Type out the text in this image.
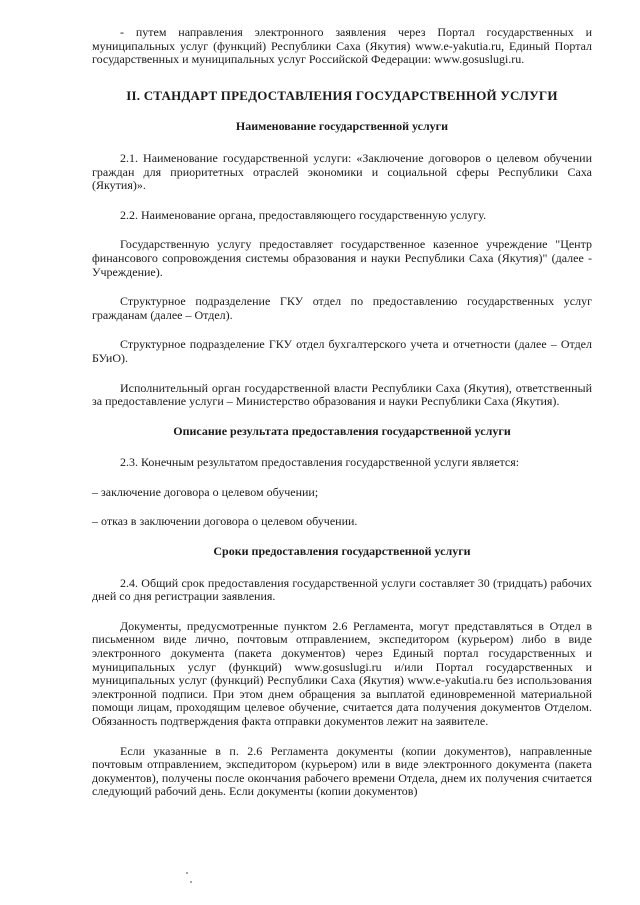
- путем направления электронного заявления через Портал государственных и муниципальных услуг (функций) Республики Саха (Якутия) www.e-yakutia.ru, Единый Портал государственных и муниципальных услуг Российской Федерации: www.gosuslugi.ru.

II. СТАНДАРТ ПРЕДОСТАВЛЕНИЯ ГОСУДАРСТВЕННОЙ УСЛУГИ
Наименование государственной услуги

2.1. Наименование государственной услуги: «Заключение договоров о целевом обучении граждан для приоритетных отраслей экономики и социальной сферы Республики Саха (Якутия)».

2.2. Наименование органа, предоставляющего государственную услугу.

Государственную услугу предоставляет государственное казенное учреждение "Центр финансового сопровождения системы образования и науки Республики Саха (Якутия)" (далее - Учреждение).

Структурное подразделение ГКУ отдел по предоставлению государственных услуг гражданам (далее – Отдел).

Структурное подразделение ГКУ отдел бухгалтерского учета и отчетности (далее – Отдел БУиО).

Исполнительный орган государственной власти Республики Саха (Якутия), ответственный за предоставление услуги – Министерство образования и науки Республики Саха (Якутия).

Описание результата предоставления государственной услуги

2.3. Конечным результатом предоставления государственной услуги является:

– заключение договора о целевом обучении;

– отказ в заключении договора о целевом обучении.

Сроки предоставления государственной услуги

2.4. Общий срок предоставления государственной услуги составляет 30 (тридцать) рабочих дней со дня регистрации заявления.

Документы, предусмотренные пунктом 2.6 Регламента, могут представляться в Отдел в письменном виде лично, почтовым отправлением, экспедитором (курьером) либо в виде электронного документа (пакета документов) через Единый портал государственных и муниципальных услуг (функций) www.gosuslugi.ru и/или Портал государственных и муниципальных услуг (функций) Республики Саха (Якутия) www.e-yakutia.ru без использования электронной подписи. При этом днем обращения за выплатой единовременной материальной помощи лицам, проходящим целевое обучение, считается дата получения документов Отделом. Обязанность подтверждения факта отправки документов лежит на заявителе.

Если указанные в п. 2.6 Регламента документы (копии документов), направленные почтовым отправлением, экспедитором (курьером) или в виде электронного документа (пакета документов), получены после окончания рабочего времени Отдела, днем их получения считается следующий рабочий день. Если документы (копии документов)
